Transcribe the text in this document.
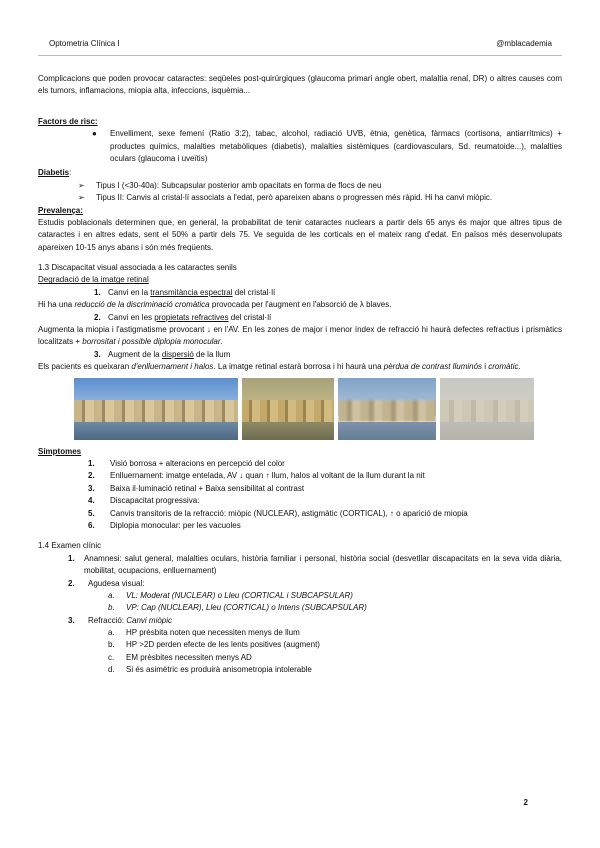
Optometria Clínica I	@mblacademia

Complicacions que poden provocar cataractes: seqüeles post-quirúrgiques (glaucoma primari angle obert, malaltia renal, DR) o altres causes com els tumors, inflamacions, miopia alta, infeccions, isquèmia...

Factors de risc:
●	Envelliment, sexe femení (Ratio 3:2), tabac, alcohol, radiació UVB, ètnia, genètica, fàrmacs (cortisona, antiarrítmics) + productes químics, malalties metabòliques (diabetis), malalties sistèmiques (cardiovasculars, Sd. reumatoide...), malalties oculars (glaucoma i uveïtis)

Diabetis:
➢	Tipus I (<30-40a): Subcapsular posterior amb opacitats en forma de flocs de neu
➢	Tipus II: Canvis al cristal·lí associats a l'edat, però apareixen abans o progressen més ràpid. Hi ha canvi miòpic.
Prevalença:

Estudis poblacionals determinen que, en general, la probabilitat de tenir cataractes nuclears a partir dels 65 anys és major que altres tipus de cataractes i en altres edats, sent el 50% a partir dels 75. Ve seguida de les corticals en el mateix rang d'edat. En països més desenvolupats apareixen 10-15 anys abans i són més freqüents.

1.3 Discapacitat visual associada a les cataractes senils
Degradació de la imatge retinal
1. Canvi en la transmitància espectral del cristal·lí

Hi ha una reducció de la discriminació cromàtica provocada per l'augment en l'absorció de λ blaves.

2. Canvi en les propietats refractives del cristal·lí

Augmenta la miopia i l'astigmatisme provocant ↓ en l'AV. En les zones de major i menor índex de refracció hi haurà defectes refractius i prismàtics localitzats + borrositat i possible diplopia monocular.

3. Augment de la dispersió de la llum

Els pacients es queixaran d'enlluernament i halos. La imatge retinal estarà borrosa i hi haurà una pèrdua de contrast lluminós i cromàtic.

Símptomes
1.	Visió borrosa + alteracions en percepció del color
2.	Enlluernament: imatge entelada, AV ↓ quan ↑ llum, halos al voltant de la llum durant la nit
3.	Baixa il·luminació retinal + Baixa sensibilitat al contrast
4.	Discapacitat progressiva:
5.	Canvis transitoris de la refracció: miòpic (NUCLEAR), astigmàtic (CORTICAL), ↑ o aparició de miopia
6.	Diplopia monocular: per les vacuoles
1.4 Examen clínic
1.	Anamnesi: salut general, malalties oculars, història familiar i personal, història social (desvetllar discapacitats en la seva vida diària, mobilitat, ocupacions, enlluernament)

2.	Agudesa visual:
a.	VL: Moderat (NUCLEAR) o Lleu (CORTICAL i SUBCAPSULAR)
b.	VP: Cap (NUCLEAR), Lleu (CORTICAL) o Intens (SUBCAPSULAR)
3.	Refracció: Canvi miòpic
a.	HP prèsbita noten que necessiten menys de llum
b.	HP >2D perden efecte de les lents positives (augment)
c.	EM prèsbites necessiten menys AD
d.	Si és asimètric es produirà anisometropia intolerable
2
